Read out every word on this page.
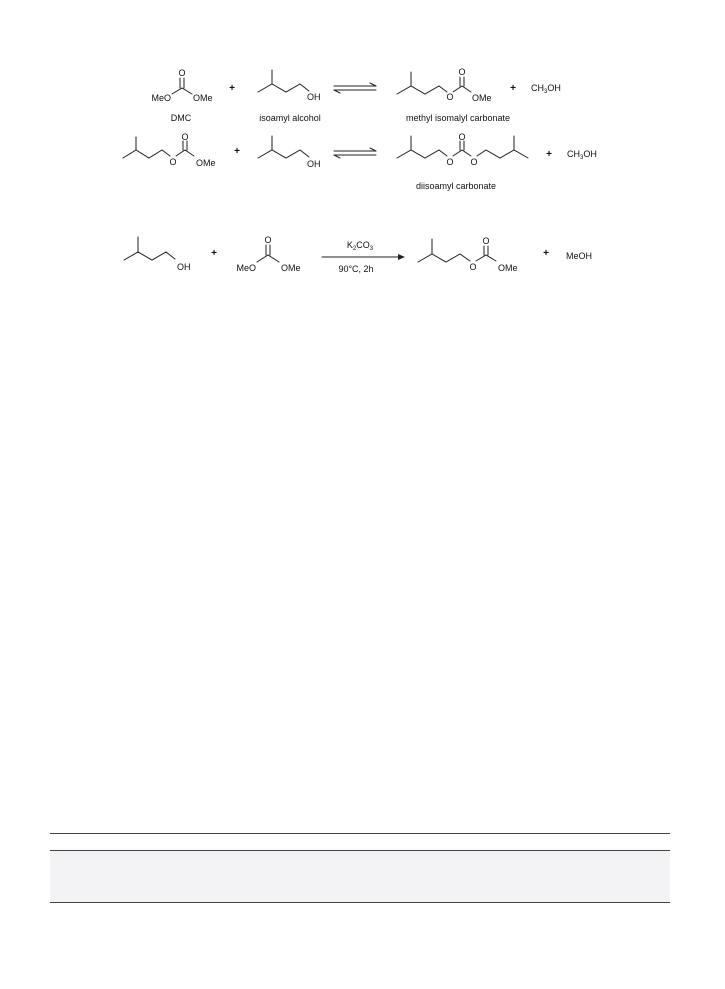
O
MeO OMe
DMC
+
OH
isoamyl alcohol
O
O
OMe
methyl isomalyl carbonate
+ $CH_3OH$
O
O
OMe
+
OH	O
O
O
diisoamyl carbonate
+ $CH_3OH$
OH
+
O
MeO	OMe
$K_2CO_3$
90°C, 2h	O
O
OMe
+ MeOH
